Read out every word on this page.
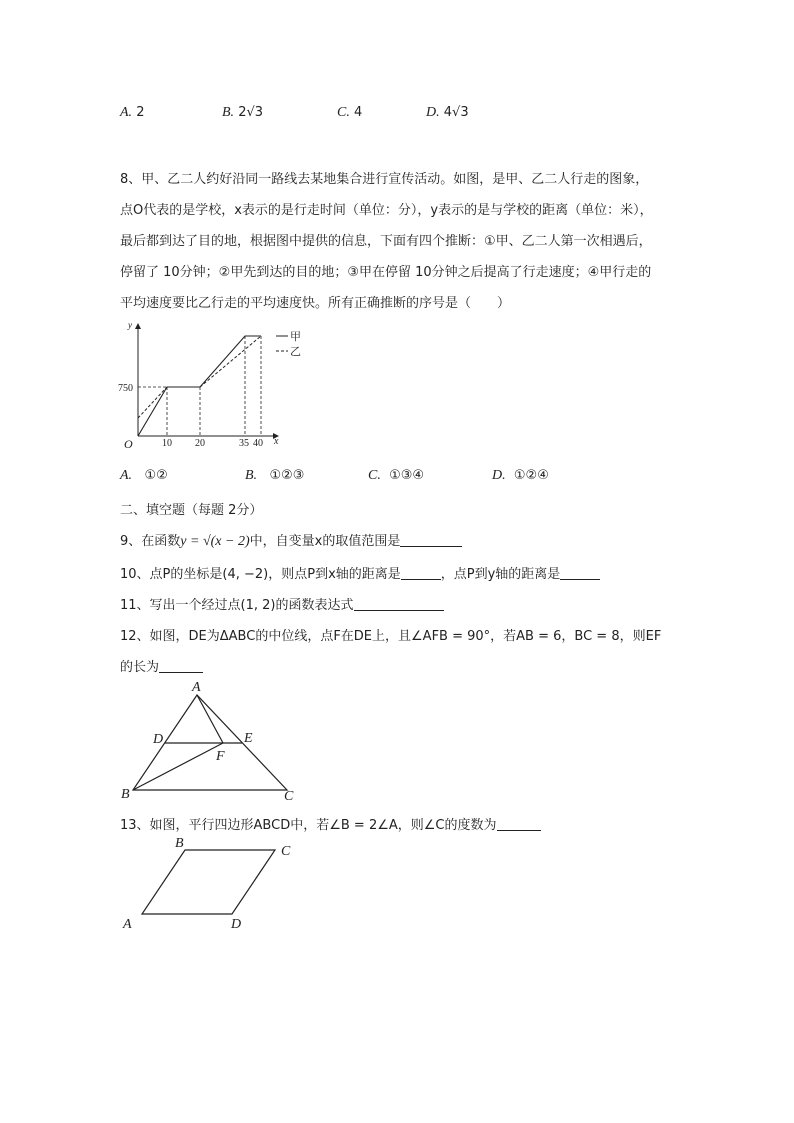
A. 2	B. 2√3	C. 4	D. 4√3
8、甲、乙二人约好沿同一路线去某地集合进行宣传活动。如图，是甲、乙二人行走的图象，
点O代表的是学校，x表示的是行走时间（单位：分），y表示的是与学校的距离（单位：米），
最后都到达了目的地，根据图中提供的信息，下面有四个推断：①甲、乙二人第一次相遇后，
停留了 10分钟；②甲先到达的目的地；③甲在停留 10分钟之后提高了行走速度；④甲行走的
平均速度要比乙行走的平均速度快。所有正确推断的序号是（　　）
y
x
O
750
10 20	35 40
甲
乙
A. ①②	B. ①②③	C. ①③④	D. ①②④
二、填空题（每题 2分）
9、在函数y = √(x − 2)中，自变量x的取值范围是
10、点P的坐标是(4, −2)，则点P到x轴的距离是	，点P到y轴的距离是
11、写出一个经过点(1, 2)的函数表达式
12、如图，DE为ΔABC的中位线，点F在DE上，且∠AFB = 90°，若AB = 6，BC = 8，则EF
的长为
A
D	E
F
B	C
13、如图，平行四边形ABCD中，若∠B = 2∠A，则∠C的度数为
B
C
A	D
